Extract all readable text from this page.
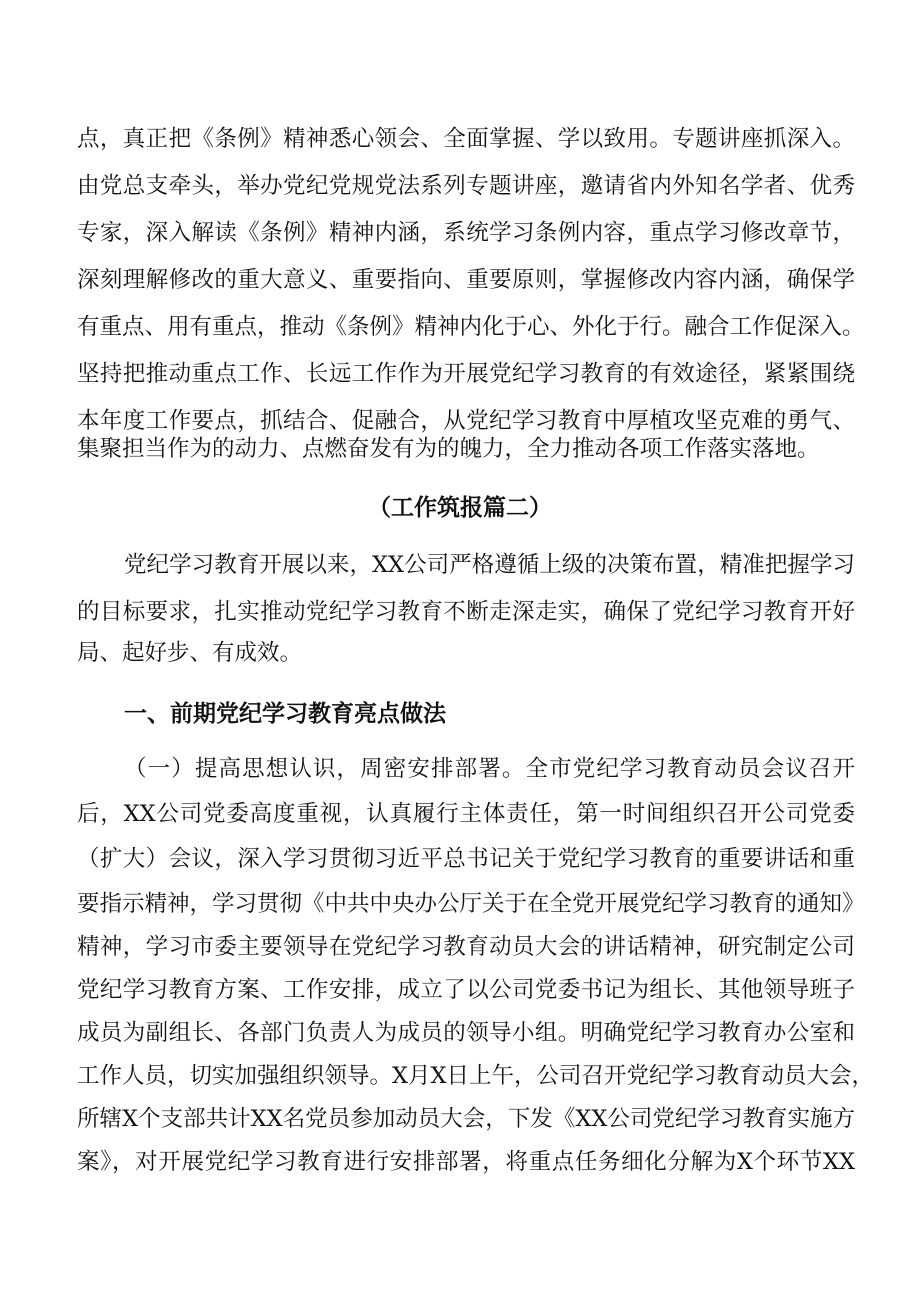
点，真正把《条例》精神悉心领会、全面掌握、学以致用。专题讲座抓深入。
由党总支牵头，举办党纪党规党法系列专题讲座，邀请省内外知名学者、优秀
专家，深入解读《条例》精神内涵，系统学习条例内容，重点学习修改章节，
深刻理解修改的重大意义、重要指向、重要原则，掌握修改内容内涵，确保学
有重点、用有重点，推动《条例》精神内化于心、外化于行。融合工作促深入。
坚持把推动重点工作、长远工作作为开展党纪学习教育的有效途径，紧紧围绕
本年度工作要点，抓结合、促融合，从党纪学习教育中厚植攻坚克难的勇气、
集聚担当作为的动力、点燃奋发有为的魄力，全力推动各项工作落实落地。
（工作筑报篇二）
党纪学习教育开展以来，XX公司严格遵循上级的决策布置，精准把握学习
的目标要求，扎实推动党纪学习教育不断走深走实，确保了党纪学习教育开好
局、起好步、有成效。
一、前期党纪学习教育亮点做法
（一）提高思想认识，周密安排部署。全市党纪学习教育动员会议召开
后，XX公司党委高度重视，认真履行主体责任，第一时间组织召开公司党委
（扩大）会议，深入学习贯彻习近平总书记关于党纪学习教育的重要讲话和重
要指示精神，学习贯彻《中共中央办公厅关于在全党开展党纪学习教育的通知》
精神，学习市委主要领导在党纪学习教育动员大会的讲话精神，研究制定公司
党纪学习教育方案、工作安排，成立了以公司党委书记为组长、其他领导班子
成员为副组长、各部门负责人为成员的领导小组。明确党纪学习教育办公室和
工作人员，切实加强组织领导。X月X日上午，公司召开党纪学习教育动员大会，
所辖X个支部共计XX名党员参加动员大会，下发《XX公司党纪学习教育实施方
案》，对开展党纪学习教育进行安排部署，将重点任务细化分解为X个环节XX
